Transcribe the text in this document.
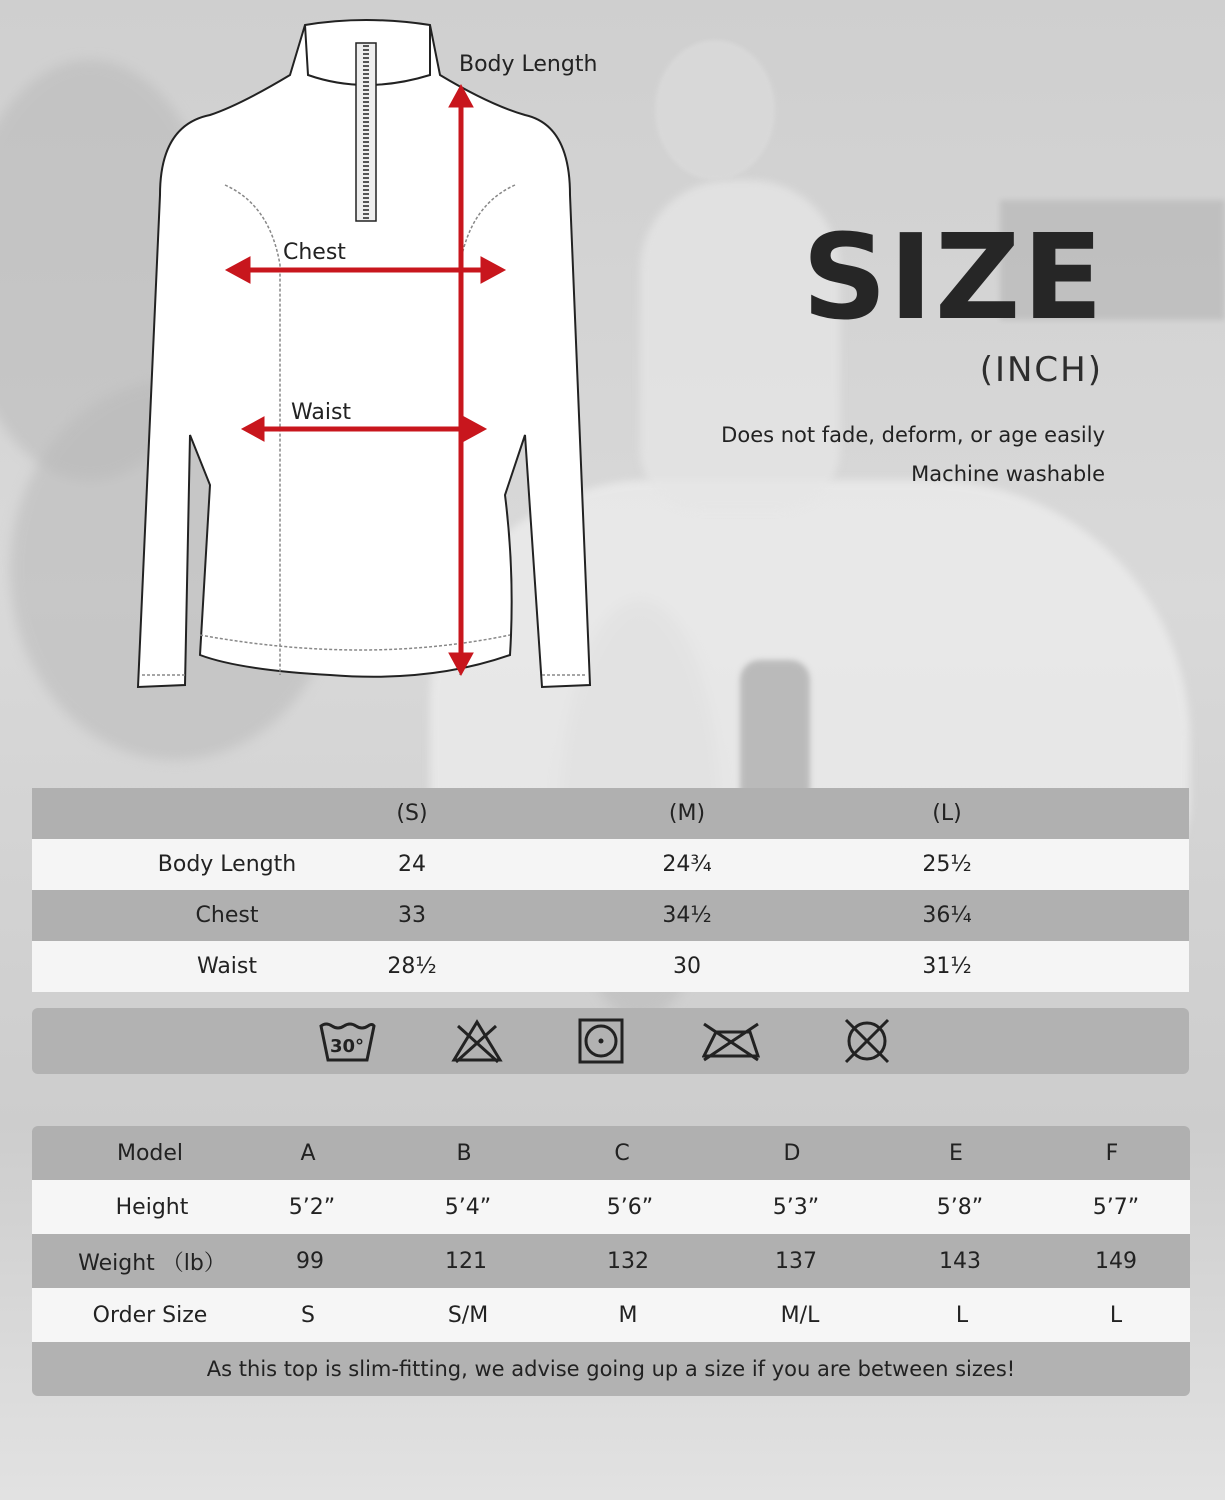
Body Length
Chest
Waist
SIZE
(INCH)
Does not fade, deform, or age easily
Machine washable
(S)	(M)	(L)
Body Length	24	24¾	25½
Chest	33	34½	36¼
Waist	28½	30	31½
30°
Model	A	B	C	D	E	F
Height	5’2”	5’4”	5’6”	5’3”	5’8”	5’7”
Weight （lb）	99	121	132	137	143	149
Order Size	S	S/M	M	M/L	L	L
As this top is slim-fitting, we advise going up a size if you are between sizes!
